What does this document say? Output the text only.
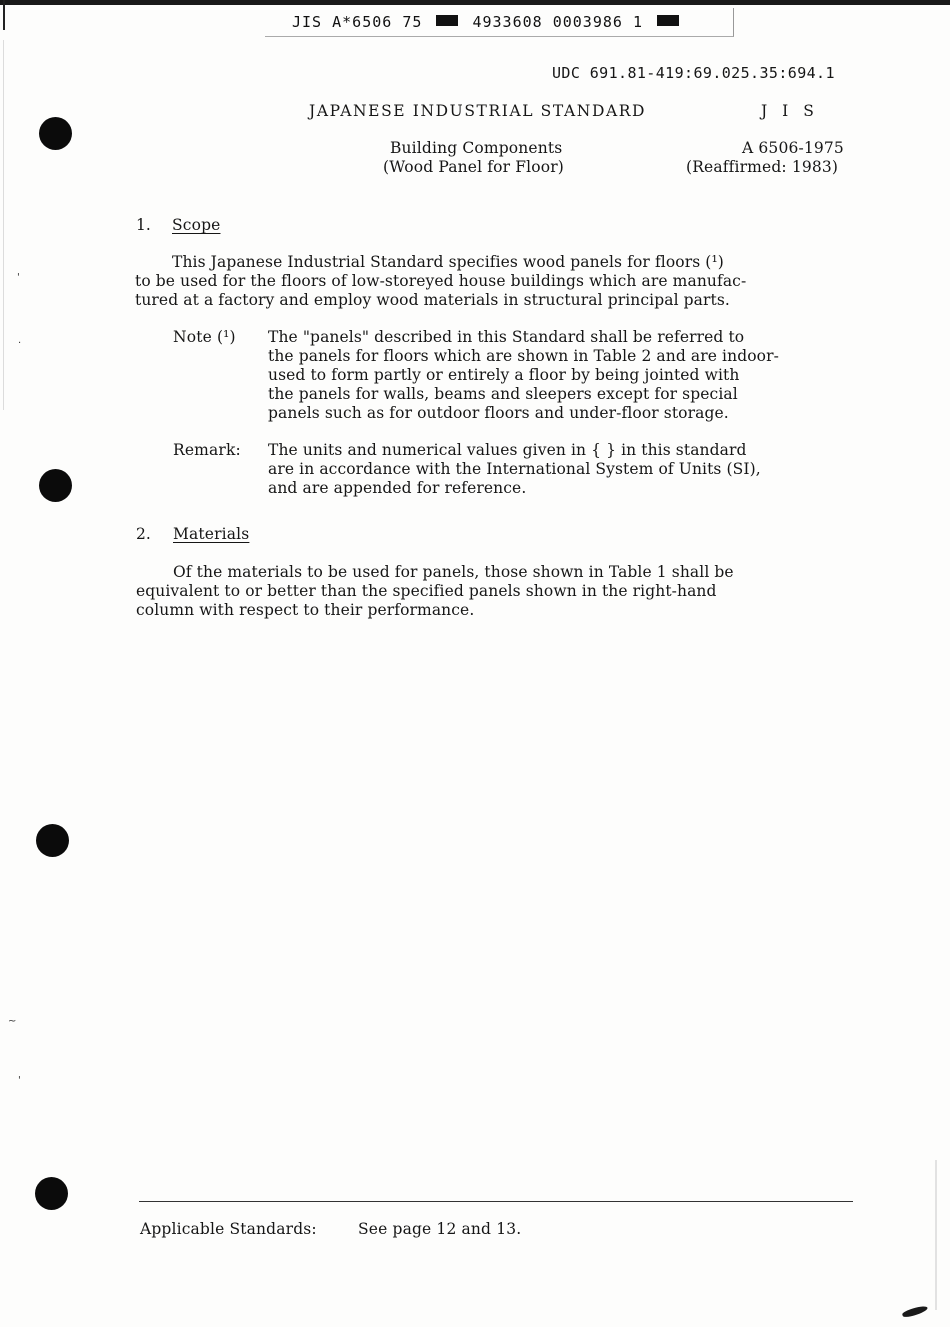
'
.
~
'
JIS A*6506 75	4933608 0003986 1
UDC 691.81-419:69.025.35:694.1
JAPANESE INDUSTRIAL STANDARD	J I S
Building Components
(Wood Panel for Floor)
A 6506-1975
(Reaffirmed: 1983)
1. Scope
This Japanese Industrial Standard specifies wood panels for floors (¹)
to be used for the floors of low-storeyed house buildings which are manufac-
tured at a factory and employ wood materials in structural principal parts.
Note (¹) The "panels" described in this Standard shall be referred to
the panels for floors which are shown in Table 2 and are indoor-
used to form partly or entirely a floor by being jointed with
the panels for walls, beams and sleepers except for special
panels such as for outdoor floors and under-floor storage.
Remark: The units and numerical values given in { } in this standard
are in accordance with the International System of Units (SI),
and are appended for reference.
2. Materials
Of the materials to be used for panels, those shown in Table 1 shall be
equivalent to or better than the specified panels shown in the right-hand
column with respect to their performance.
Applicable Standards:	See page 12 and 13.
